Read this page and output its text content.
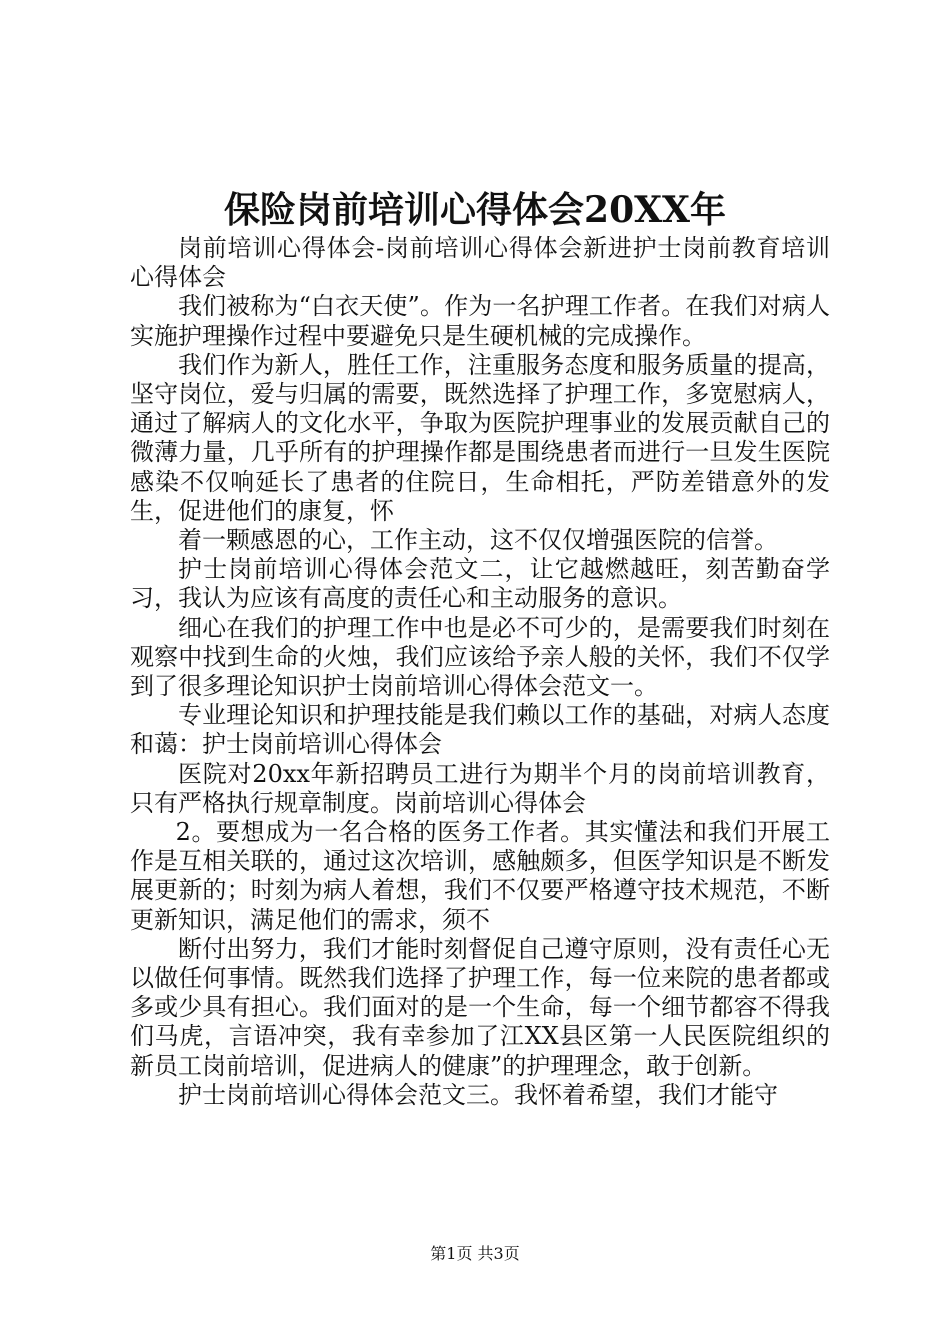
保险岗前培训心得体会20XX年

岗前培训心得体会-岗前培训心得体会新进护士岗前教育培训心得体会

我们被称为“白衣天使”。作为一名护理工作者。在我们对病人实施护理操作过程中要避免只是生硬机械的完成操作。

我们作为新人，胜任工作，注重服务态度和服务质量的提高，坚守岗位，爱与归属的需要，既然选择了护理工作，多宽慰病人，通过了解病人的文化水平，争取为医院护理事业的发展贡献自己的微薄力量，几乎所有的护理操作都是围绕患者而进行一旦发生医院感染不仅响延长了患者的住院日，生命相托，严防差错意外的发生，促进他们的康复，怀

着一颗感恩的心，工作主动，这不仅仅增强医院的信誉。

护士岗前培训心得体会范文二，让它越燃越旺，刻苦勤奋学习，我认为应该有高度的责任心和主动服务的意识。

细心在我们的护理工作中也是必不可少的，是需要我们时刻在观察中找到生命的火烛，我们应该给予亲人般的关怀，我们不仅学到了很多理论知识护士岗前培训心得体会范文一。

专业理论知识和护理技能是我们赖以工作的基础，对病人态度和蔼：护士岗前培训心得体会

医院对20xx年新招聘员工进行为期半个月的岗前培训教育，只有严格执行规章制度。岗前培训心得体会

2。要想成为一名合格的医务工作者。其实懂法和我们开展工作是互相关联的，通过这次培训，感触颇多，但医学知识是不断发展更新的；时刻为病人着想，我们不仅要严格遵守技术规范，不断更新知识，满足他们的需求，须不

断付出努力，我们才能时刻督促自己遵守原则，没有责任心无以做任何事情。既然我们选择了护理工作，每一位来院的患者都或多或少具有担心。我们面对的是一个生命，每一个细节都容不得我们马虎，言语冲突，我有幸参加了江XX县区第一人民医院组织的新员工岗前培训，促进病人的健康”的护理理念，敢于创新。

护士岗前培训心得体会范文三。我怀着希望，我们才能守

第1页 共3页
